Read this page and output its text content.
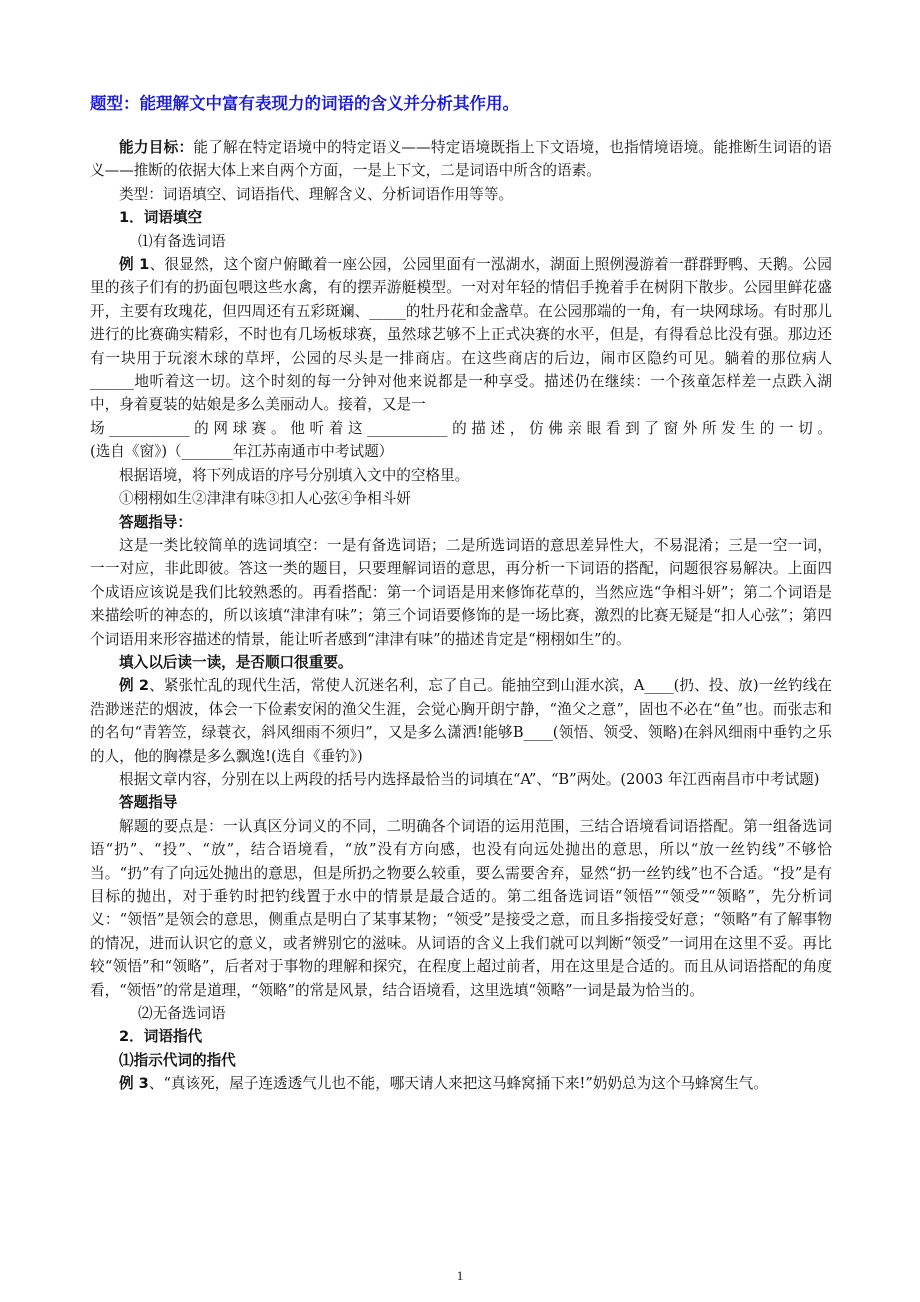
题型：能理解文中富有表现力的词语的含义并分析其作用。

能力目标：能了解在特定语境中的特定语义——特定语境既指上下文语境，也指情境语境。能推断生词语的语义——推断的依据大体上来自两个方面，一是上下文，二是词语中所含的语素。

类型：词语填空、词语指代、理解含义、分析词语作用等等。

1．词语填空

⑴有备选词语

例 1、很显然，这个窗户俯瞰着一座公园，公园里面有一泓湖水，湖面上照例漫游着一群群野鸭、天鹅。公园里的孩子们有的扔面包喂这些水禽，有的摆弄游艇模型。一对对年轻的情侣手挽着手在树阴下散步。公园里鲜花盛开，主要有玫瑰花，但四周还有五彩斑斓、_____的牡丹花和金盏草。在公园那端的一角，有一块网球场。有时那儿进行的比赛确实精彩，不时也有几场板球赛，虽然球艺够不上正式决赛的水平，但是，有得看总比没有强。那边还有一块用于玩滚木球的草坪，公园的尽头是一排商店。在这些商店的后边，闹市区隐约可见。躺着的那位病人______地听着这一切。这个时刻的每一分钟对他来说都是一种享受。描述仍在继续：一个孩童怎样差一点跌入湖中，身着夏装的姑娘是多么美丽动人。接着，又是一

场___________的网球赛。他听着这___________的描述，仿佛亲眼看到了窗外所发生的一切。

(选自《窗》)（_______年江苏南通市中考试题）

根据语境，将下列成语的序号分别填入文中的空格里。

①栩栩如生②津津有味③扣人心弦④争相斗妍

答题指导：

这是一类比较简单的选词填空：一是有备选词语；二是所选词语的意思差异性大，不易混淆；三是一空一词，一一对应，非此即彼。答这一类的题目，只要理解词语的意思，再分析一下词语的搭配，问题很容易解决。上面四个成语应该说是我们比较熟悉的。再看搭配：第一个词语是用来修饰花草的，当然应选“争相斗妍”；第二个词语是来描绘听的神态的，所以该填“津津有味”；第三个词语要修饰的是一场比赛，激烈的比赛无疑是“扣人心弦”；第四个词语用来形容描述的情景，能让听者感到“津津有味”的描述肯定是“栩栩如生”的。

填入以后读一读，是否顺口很重要。

例 2、紧张忙乱的现代生活，常使人沉迷名利，忘了自己。能抽空到山涯水滨，A____(扔、投、放)一丝钓线在浩渺迷茫的烟波，体会一下俭素安闲的渔父生涯，会觉心胸开朗宁静，“渔父之意”，固也不必在“鱼”也。而张志和的名句“青箬笠，绿蓑衣，斜风细雨不须归”，又是多么潇洒!能够B____(领悟、领受、领略)在斜风细雨中垂钓之乐的人，他的胸襟是多么飘逸!(选自《垂钓》)

根据文章内容，分别在以上两段的括号内选择最恰当的词填在“A”、“B”两处。(2003 年江西南昌市中考试题)

答题指导

解题的要点是：一认真区分词义的不同，二明确各个词语的运用范围，三结合语境看词语搭配。第一组备选词语“扔”、“投”、“放”，结合语境看，“放”没有方向感，也没有向远处抛出的意思，所以“放一丝钓线”不够恰当。“扔”有了向远处抛出的意思，但是所扔之物要么较重，要么需要舍弃，显然“扔一丝钓线”也不合适。“投”是有目标的抛出，对于垂钓时把钓线置于水中的情景是最合适的。第二组备选词语“领悟”“领受”“领略”，先分析词义：“领悟”是领会的意思，侧重点是明白了某事某物；“领受”是接受之意，而且多指接受好意；“领略”有了解事物的情况，进而认识它的意义，或者辨别它的滋味。从词语的含义上我们就可以判断“领受”一词用在这里不妥。再比较“领悟”和“领略”，后者对于事物的理解和探究，在程度上超过前者，用在这里是合适的。而且从词语搭配的角度看，“领悟”的常是道理，“领略”的常是风景，结合语境看，这里选填“领略”一词是最为恰当的。

⑵无备选词语

2．词语指代

⑴指示代词的指代

例 3、“真该死，屋子连透透气儿也不能，哪天请人来把这马蜂窝捅下来!”奶奶总为这个马蜂窝生气。

1
